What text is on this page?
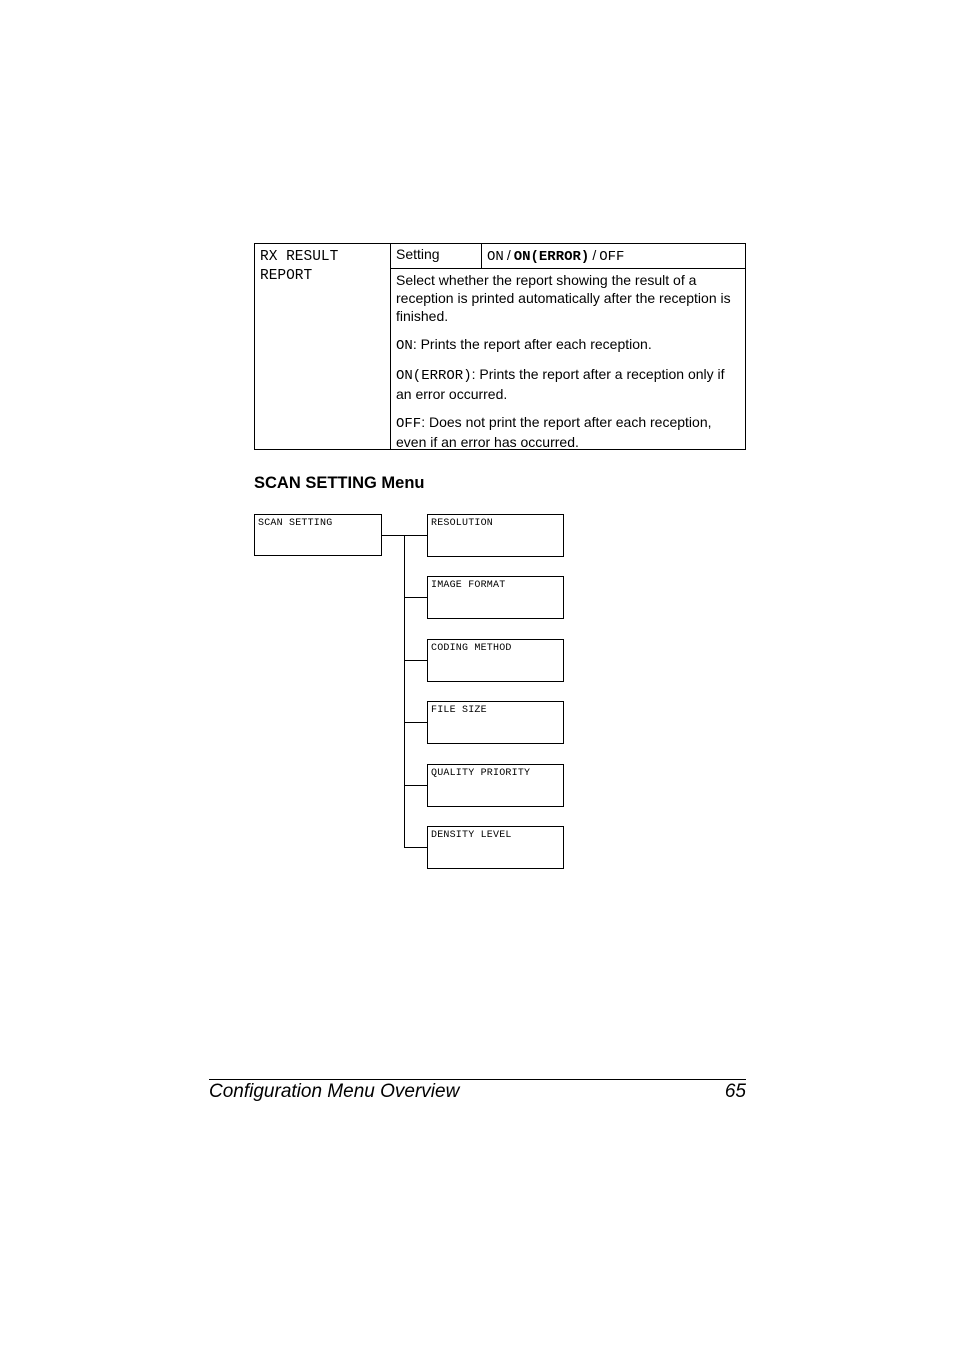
RX RESULT
REPORT
Setting	ON / ON(ERROR) / OFF

Select whether the report showing the result of a reception is printed automatically after the reception is finished.

ON: Prints the report after each reception.

ON(ERROR): Prints the report after a reception only if an error occurred.

OFF: Does not print the report after each reception, even if an error has occurred.

SCAN SETTING Menu
SCAN SETTING	RESOLUTION
IMAGE FORMAT
CODING METHOD
FILE SIZE
QUALITY PRIORITY
DENSITY LEVEL
Configuration Menu Overview	65
